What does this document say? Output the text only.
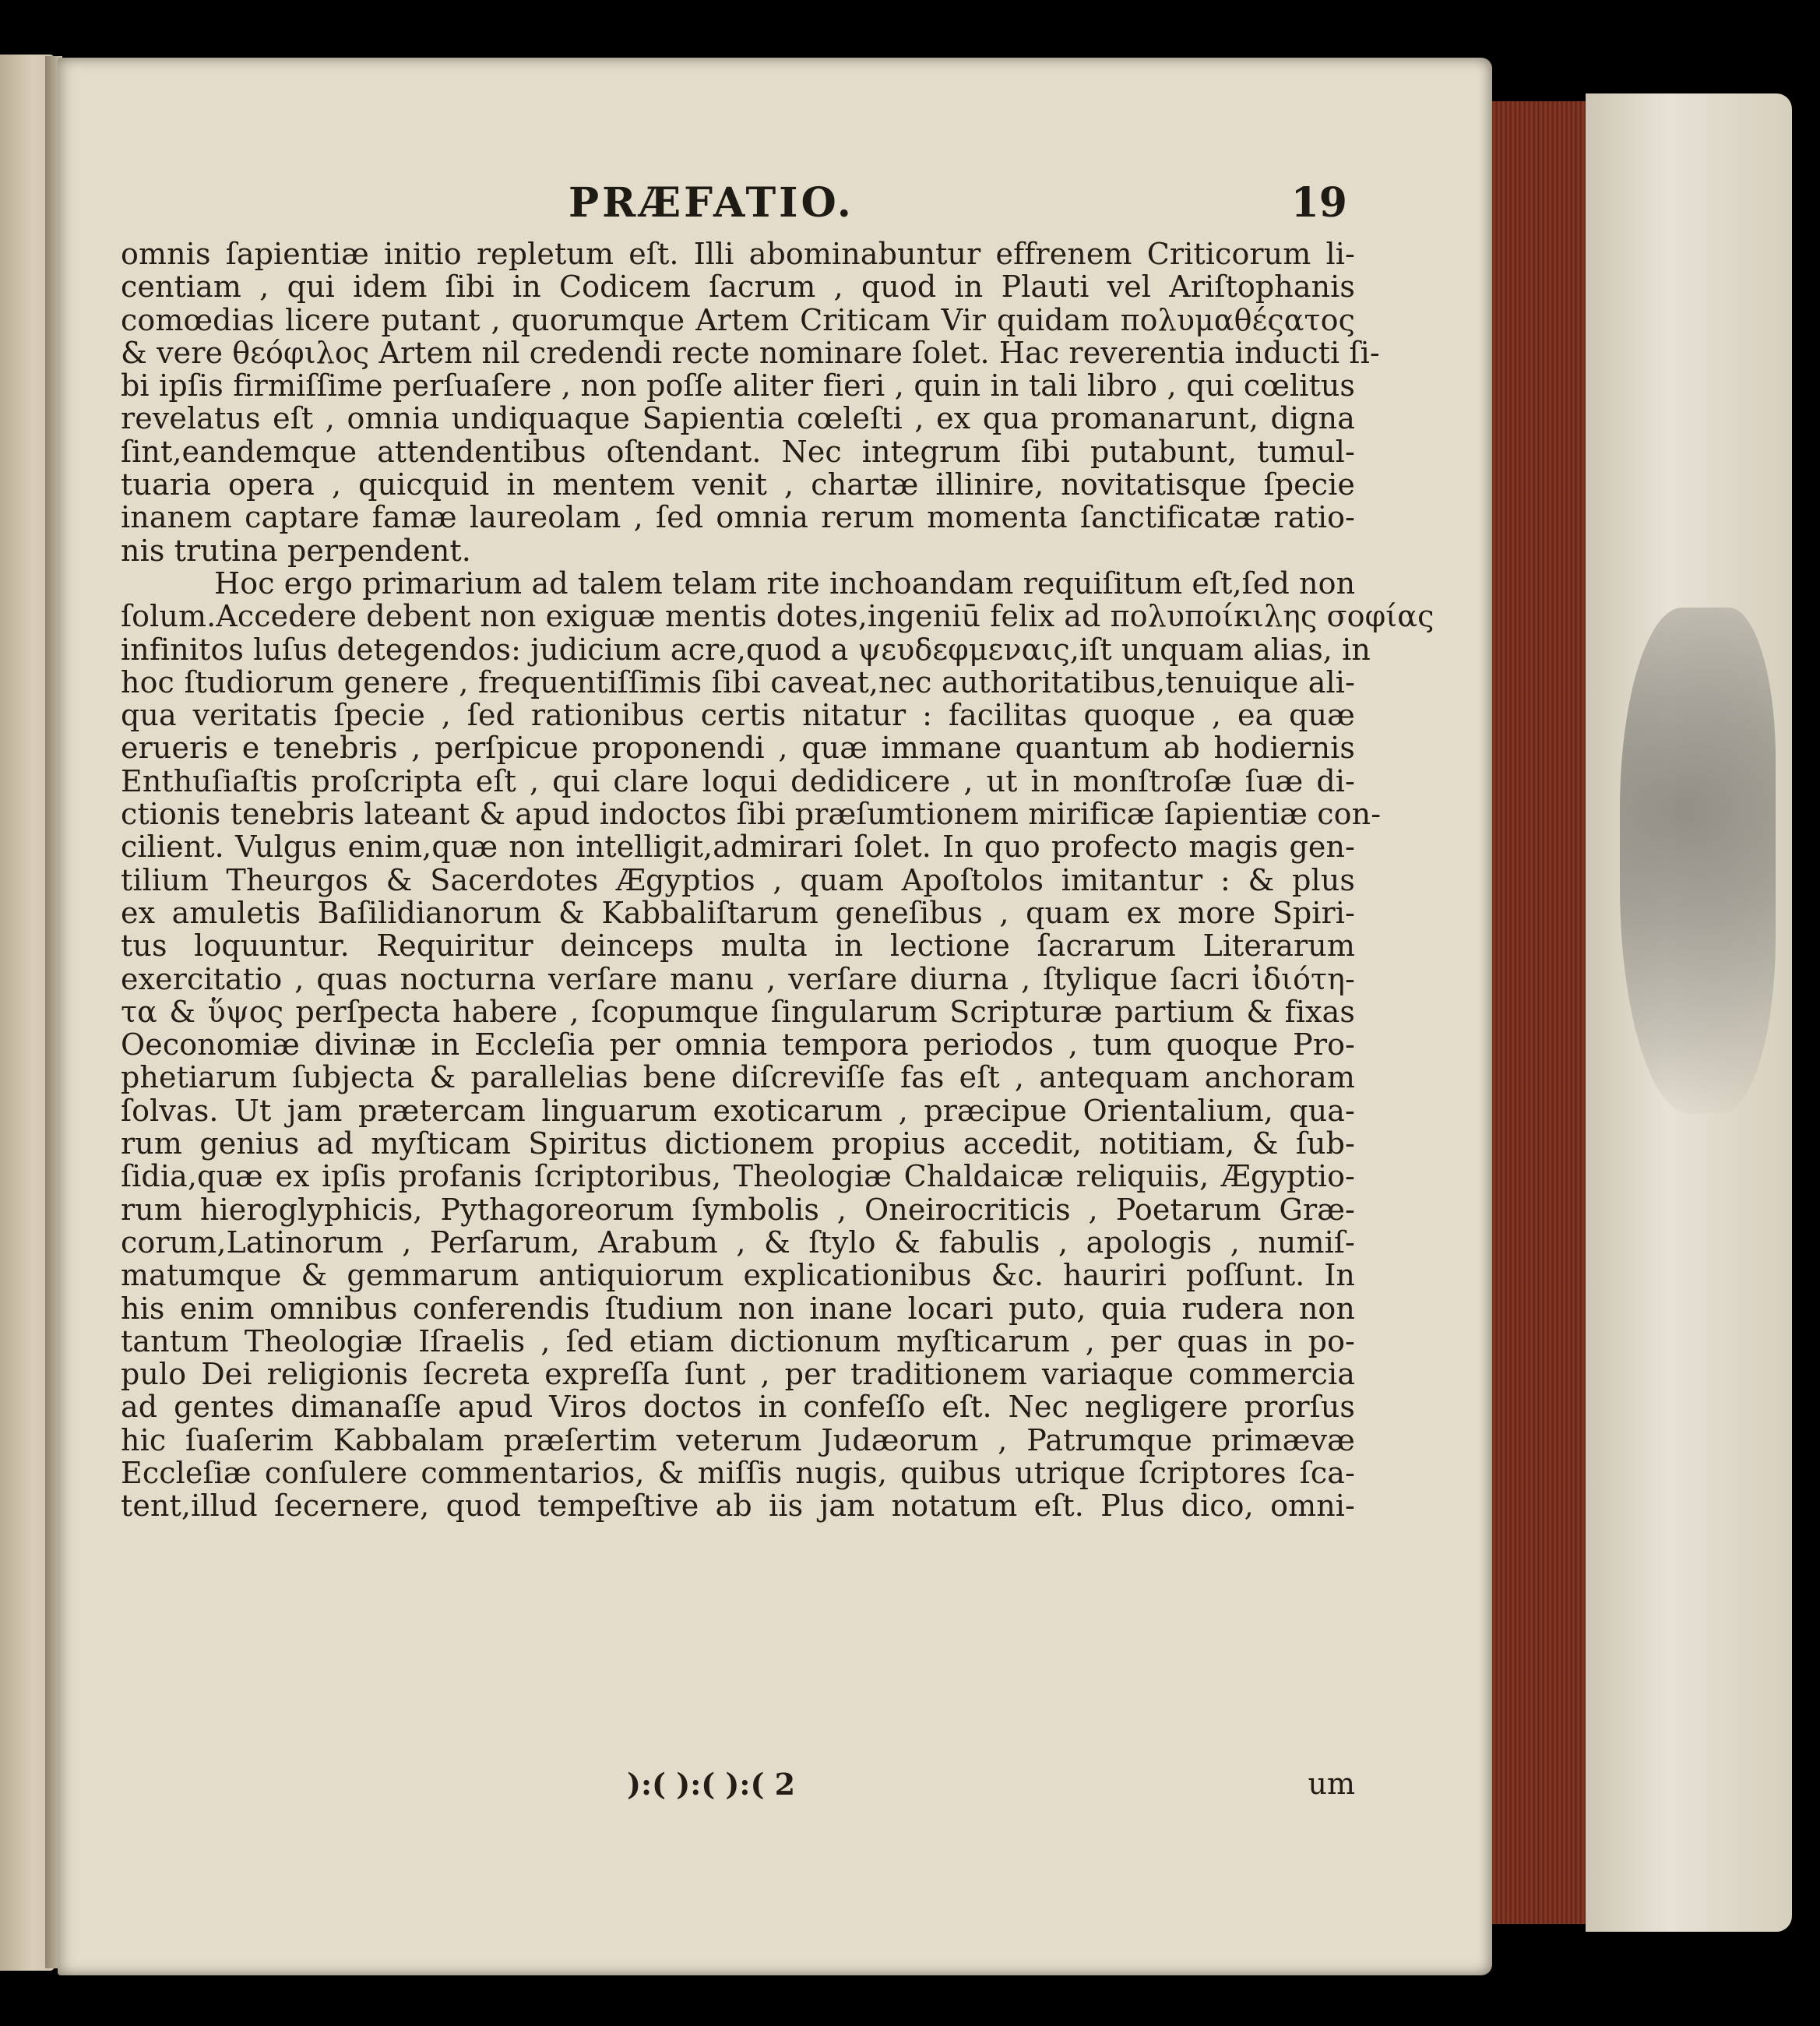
PRÆFATIO.	19
omnis ſapientiæ initio repletum eſt. Illi abominabuntur effrenem Criticorum li-
centiam , qui idem ſibi in Codicem ſacrum , quod in Plauti vel Ariſtophanis
comœdias licere putant , quorumque Artem Criticam Vir quidam πολυμαθέςατος
& vere θεόφιλος Artem nil credendi recte nominare ſolet. Hac reverentia inducti ſi-
bi ipſis firmiſſime perſuaſere , non poſſe aliter fieri , quin in tali libro , qui cœlitus
revelatus eſt , omnia undiquaque Sapientia cœleſti , ex qua promanarunt, digna
ſint,eandemque attendentibus oſtendant. Nec integrum ſibi putabunt, tumul-
tuaria opera , quicquid in mentem venit , chartæ illinire, novitatisque ſpecie
inanem captare famæ laureolam , ſed omnia rerum momenta ſanctificatæ ratio-
nis trutina perpendent.
Hoc ergo primarium ad talem telam rite inchoandam requiſitum eſt,ſed non
ſolum.Accedere debent non exiguæ mentis dotes,ingeniū felix ad πολυποίκιλης σοφίας
infinitos luſus detegendos: judicium acre,quod a ψευδεφμεναις,iſt unquam alias, in
hoc ſtudiorum genere , frequentiſſimis ſibi caveat,nec authoritatibus,tenuique ali-
qua veritatis ſpecie , ſed rationibus certis nitatur : facilitas quoque , ea quæ
erueris e tenebris , perſpicue proponendi , quæ immane quantum ab hodiernis
Enthuſiaſtis proſcripta eſt , qui clare loqui dedidicere , ut in monſtroſæ ſuæ di-
ctionis tenebris lateant & apud indoctos ſibi præſumtionem mirificæ ſapientiæ con-
cilient. Vulgus enim,quæ non intelligit,admirari ſolet. In quo profecto magis gen-
tilium Theurgos & Sacerdotes Ægyptios , quam Apoſtolos imitantur : & plus
ex amuletis Baſilidianorum & Kabbaliſtarum geneſibus , quam ex more Spiri-
tus loquuntur. Requiritur deinceps multa in lectione ſacrarum Literarum
exercitatio , quas nocturna verſare manu , verſare diurna , ſtylique ſacri ἰδιότη-
τα & ὕψος perſpecta habere , ſcopumque ſingularum Scripturæ partium & fixas
Oeconomiæ divinæ in Eccleſia per omnia tempora periodos , tum quoque Pro-
phetiarum ſubjecta & parallelias bene diſcreviſſe fas eſt , antequam anchoram
ſolvas. Ut jam prætercam linguarum exoticarum , præcipue Orientalium, qua-
rum genius ad myſticam Spiritus dictionem propius accedit, notitiam, & ſub-
ſidia,quæ ex ipſis profanis ſcriptoribus, Theologiæ Chaldaicæ reliquiis, Ægyptio-
rum hieroglyphicis, Pythagoreorum ſymbolis , Oneirocriticis , Poetarum Græ-
corum,Latinorum , Perſarum, Arabum , & ſtylo & fabulis , apologis , numiſ-
matumque & gemmarum antiquiorum explicationibus &c. hauriri poſſunt. In
his enim omnibus conferendis ſtudium non inane locari puto, quia rudera non
tantum Theologiæ Iſraelis , ſed etiam dictionum myſticarum , per quas in po-
pulo Dei religionis ſecreta expreſſa ſunt , per traditionem variaque commercia
ad gentes dimanaſſe apud Viros doctos in confeſſo eſt. Nec negligere prorſus
hic ſuaſerim Kabbalam præſertim veterum Judæorum , Patrumque primævæ
Eccleſiæ conſulere commentarios, & miſſis nugis, quibus utrique ſcriptores ſca-
tent,illud ſecernere, quod tempeſtive ab iis jam notatum eſt. Plus dico, omni-
):( ):( ):( 2	um
